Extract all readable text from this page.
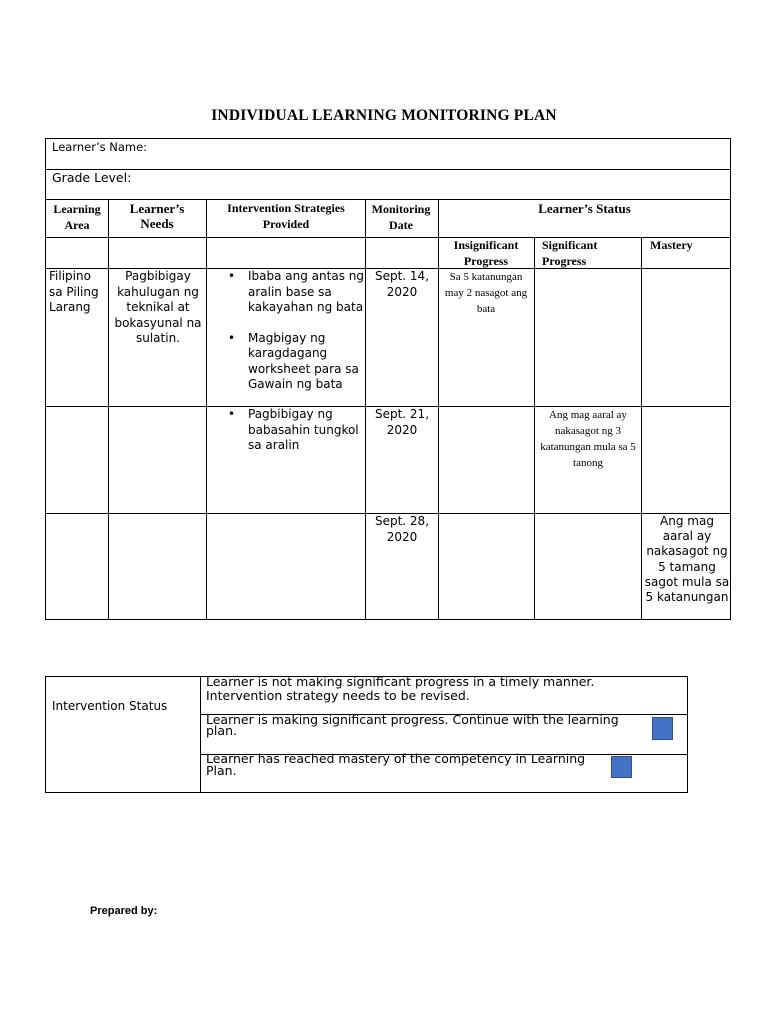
INDIVIDUAL LEARNING MONITORING PLAN
Learner’s Name:
Grade Level:
Learning Area
Learner’s Needs
Intervention Strategies Provided
Monitoring Date
Learner’s Status
Insignificant Progress
Significant Progress
Mastery
Filipino sa Piling Larang
Pagbibigay kahulugan ng teknikal at bokasyunal na sulatin.
• Ibaba ang antas ng aralin base sa kakayahan ng bata
• Magbigay ng karagdagang worksheet para sa Gawain ng bata
Sept. 14, 2020
Sa 5 katanungan may 2 nasagot ang bata
• Pagbibigay ng babasahin tungkol sa aralin
Sept. 21, 2020
Ang mag aaral ay nakasagot ng 3 katanungan mula sa 5 tanong
Sept. 28, 2020
Ang mag aaral ay nakasagot ng 5 tamang sagot mula sa 5 katanungan
Intervention Status
Learner is not making significant progress in a timely manner. Intervention strategy needs to be revised.
Learner is making significant progress. Continue with the learning plan.
Learner has reached mastery of the competency in Learning Plan.
Prepared by:
